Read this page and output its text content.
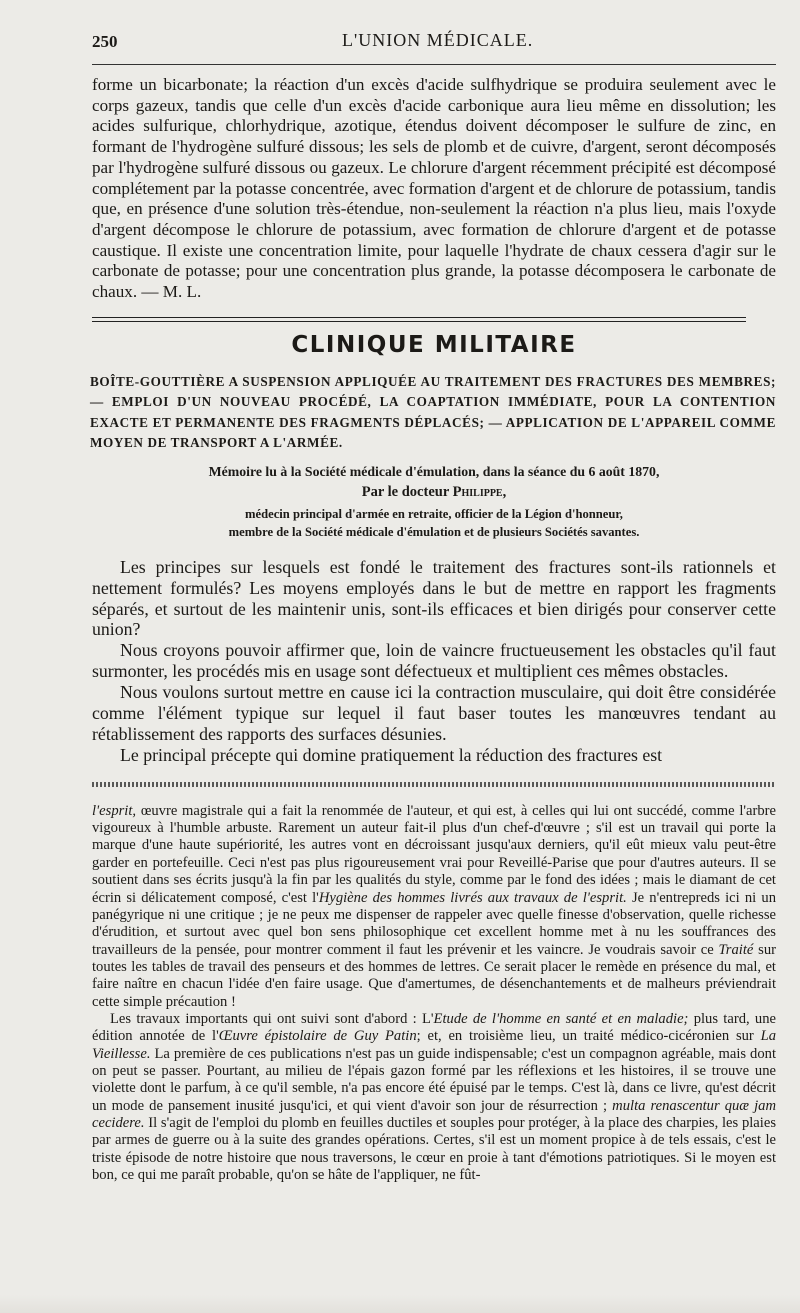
250	L'UNION MÉDICALE.

forme un bicarbonate; la réaction d'un excès d'acide sulfhydrique se produira seulement avec le corps gazeux, tandis que celle d'un excès d'acide carbonique aura lieu même en dissolution; les acides sulfurique, chlorhydrique, azotique, étendus doivent décomposer le sulfure de zinc, en formant de l'hydrogène sulfuré dissous; les sels de plomb et de cuivre, d'argent, seront décomposés par l'hydrogène sulfuré dissous ou gazeux. Le chlorure d'argent récemment précipité est décomposé complétement par la potasse concentrée, avec formation d'argent et de chlorure de potassium, tandis que, en présence d'une solution très-étendue, non-seulement la réaction n'a plus lieu, mais l'oxyde d'argent décompose le chlorure de potassium, avec formation de chlorure d'argent et de potasse caustique. Il existe une concentration limite, pour laquelle l'hydrate de chaux cessera d'agir sur le carbonate de potasse; pour une concentration plus grande, la potasse décomposera le carbonate de chaux. — M. L.

CLINIQUE MILITAIRE

BOÎTE-GOUTTIÈRE A SUSPENSION APPLIQUÉE AU TRAITEMENT DES FRACTURES DES MEMBRES; — EMPLOI D'UN NOUVEAU PROCÉDÉ, LA COAPTATION IMMÉDIATE, POUR LA CONTENTION EXACTE ET PERMANENTE DES FRAGMENTS DÉPLACÉS; — APPLICATION DE L'APPAREIL COMME MOYEN DE TRANSPORT A L'ARMÉE.

Mémoire lu à la Société médicale d'émulation, dans la séance du 6 août 1870,

Par le docteur Philippe,

médecin principal d'armée en retraite, officier de la Légion d'honneur,

membre de la Société médicale d'émulation et de plusieurs Sociétés savantes.

Les principes sur lesquels est fondé le traitement des fractures sont-ils rationnels et nettement formulés? Les moyens employés dans le but de mettre en rapport les fragments séparés, et surtout de les maintenir unis, sont-ils efficaces et bien dirigés pour conserver cette union?

Nous croyons pouvoir affirmer que, loin de vaincre fructueusement les obstacles qu'il faut surmonter, les procédés mis en usage sont défectueux et multiplient ces mêmes obstacles.

Nous voulons surtout mettre en cause ici la contraction musculaire, qui doit être considérée comme l'élément typique sur lequel il faut baser toutes les manœuvres tendant au rétablissement des rapports des surfaces désunies.

Le principal précepte qui domine pratiquement la réduction des fractures est

l'esprit, œuvre magistrale qui a fait la renommée de l'auteur, et qui est, à celles qui lui ont succédé, comme l'arbre vigoureux à l'humble arbuste. Rarement un auteur fait-il plus d'un chef-d'œuvre ; s'il est un travail qui porte la marque d'une haute supériorité, les autres vont en décroissant jusqu'aux derniers, qu'il eût mieux valu peut-être garder en portefeuille. Ceci n'est pas plus rigoureusement vrai pour Reveillé-Parise que pour d'autres auteurs. Il se soutient dans ses écrits jusqu'à la fin par les qualités du style, comme par le fond des idées ; mais le diamant de cet écrin si délicatement composé, c'est l'Hygiène des hommes livrés aux travaux de l'esprit. Je n'entrepreds ici ni un panégyrique ni une critique ; je ne peux me dispenser de rappeler avec quelle finesse d'observation, quelle richesse d'érudition, et surtout avec quel bon sens philosophique cet excellent homme met à nu les souffrances des travailleurs de la pensée, pour montrer comment il faut les prévenir et les vaincre. Je voudrais savoir ce Traité sur toutes les tables de travail des penseurs et des hommes de lettres. Ce serait placer le remède en présence du mal, et faire naître en chacun l'idée d'en faire usage. Que d'amertumes, de désenchantements et de malheurs préviendrait cette simple précaution !

Les travaux importants qui ont suivi sont d'abord : L'Etude de l'homme en santé et en maladie; plus tard, une édition annotée de l'Œuvre épistolaire de Guy Patin; et, en troisième lieu, un traité médico-cicéronien sur La Vieillesse. La première de ces publications n'est pas un guide indispensable; c'est un compagnon agréable, mais dont on peut se passer. Pourtant, au milieu de l'épais gazon formé par les réflexions et les histoires, il se trouve une violette dont le parfum, à ce qu'il semble, n'a pas encore été épuisé par le temps. C'est là, dans ce livre, qu'est décrit un mode de pansement inusité jusqu'ici, et qui vient d'avoir son jour de résurrection ; multa renascentur quæ jam cecidere. Il s'agit de l'emploi du plomb en feuilles ductiles et souples pour protéger, à la place des charpies, les plaies par armes de guerre ou à la suite des grandes opérations. Certes, s'il est un moment propice à de tels essais, c'est le triste épisode de notre histoire que nous traversons, le cœur en proie à tant d'émotions patriotiques. Si le moyen est bon, ce qui me paraît probable, qu'on se hâte de l'appliquer, ne fût-
